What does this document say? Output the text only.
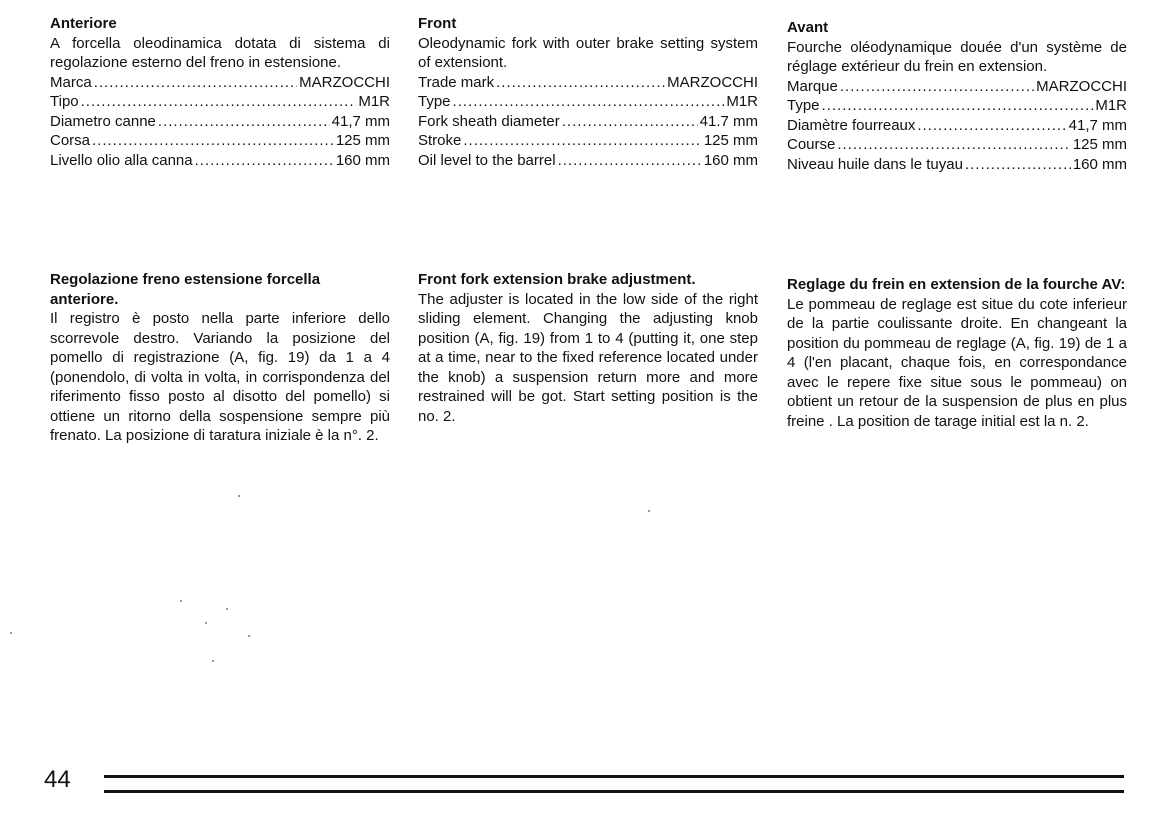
Anteriore

A forcella oleodinamica dotata di sistema di regolazione esterno del freno in estensione.

Marca .....	MARZOCCHI
Tipo .....	M1R
Diametro canne .....	41,7 mm
Corsa .....	125 mm
Livello olio alla canna .....	160 mm
Front

Oleodynamic fork with outer brake setting system of extensiont.

Trade mark .....	MARZOCCHI
Type .....	M1R
Fork sheath diameter .....	41.7 mm
Stroke .....	125 mm
Oil level to the barrel .....	160 mm
Avant

Fourche oléodynamique douée d'un système de réglage extérieur du frein en extension.

Marque .....	MARZOCCHI
Type .....	M1R
Diamètre fourreaux .....	41,7 mm
Course .....	125 mm
Niveau huile dans le tuyau .....	160 mm
Regolazione freno estensione forcella anteriore.

Il registro è posto nella parte inferiore dello scorrevole destro. Variando la posizione del pomello di registrazione (A, fig. 19) da 1 a 4 (ponendolo, di volta in volta, in corrispondenza del riferimento fisso posto al disotto del pomello) si ottiene un ritorno della sospensione sempre più frenato. La posizione di taratura iniziale è la n°. 2.

Front fork extension brake adjustment.

The adjuster is located in the low side of the right sliding element. Changing the adjusting knob position (A, fig. 19) from 1 to 4 (putting it, one step at a time, near to the fixed reference located under the knob) a suspension return more and more restrained will be got. Start setting position is the no. 2.

Reglage du frein en extension de la fourche AV:

Le pommeau de reglage est situe du cote inferieur de la partie coulissante droite. En changeant la position du pommeau de reglage (A, fig. 19) de 1 a 4 (l'en placant, chaque fois, en correspondance avec le repere fixe situe sous le pommeau) on obtient un retour de la suspension de plus en plus freine . La position de tarage initial est la n. 2.

44
